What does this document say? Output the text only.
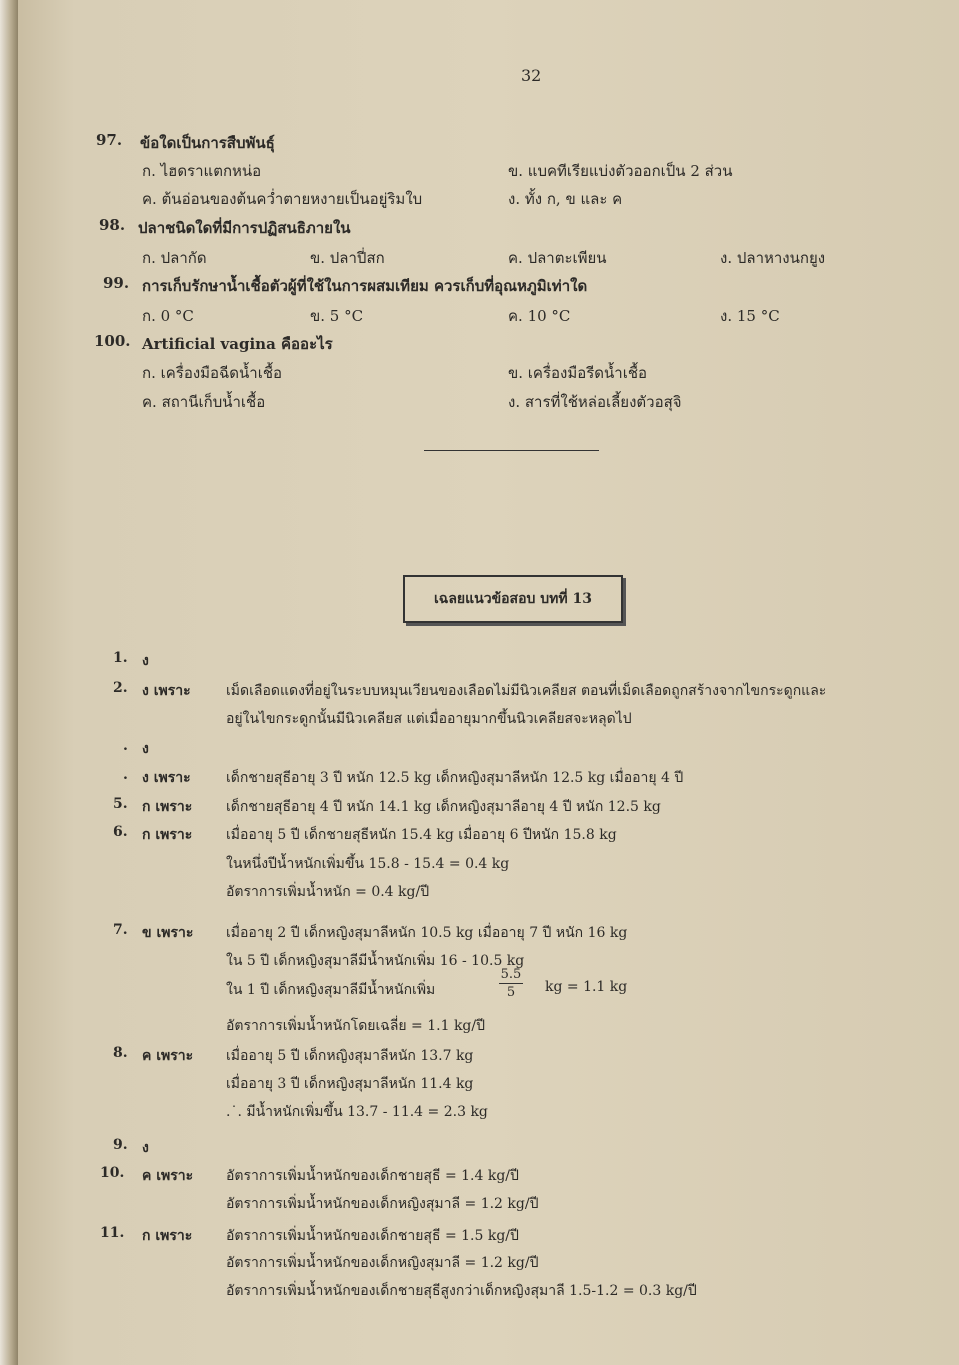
32
97. ข้อใดเป็นการสืบพันธุ์
ก. ไฮดราแตกหน่อ	ข. แบคทีเรียแบ่งตัวออกเป็น 2 ส่วน
ค. ต้นอ่อนของต้นคว่ำตายหงายเป็นอยู่ริมใบ	ง. ทั้ง ก, ข และ ค
98. ปลาชนิดใดที่มีการปฏิสนธิภายใน
ก. ปลากัด	ข. ปลาปี่สก	ค. ปลาตะเพียน	ง. ปลาหางนกยูง
99. การเก็บรักษาน้ำเชื้อตัวผู้ที่ใช้ในการผสมเทียม ควรเก็บที่อุณหภูมิเท่าใด
ก. 0 °C	ข. 5 °C	ค. 10 °C	ง. 15 °C
100. Artificial vagina คืออะไร
ก. เครื่องมือฉีดน้ำเชื้อ	ข. เครื่องมือรีดน้ำเชื้อ
ค. สถานีเก็บน้ำเชื้อ	ง. สารที่ใช้หล่อเลี้ยงตัวอสุจิ
เฉลยแนวข้อสอบ บทที่ 13
1. ง
2. ง เพราะ	เม็ดเลือดแดงที่อยู่ในระบบหมุนเวียนของเลือดไม่มีนิวเคลียส ตอนที่เม็ดเลือดถูกสร้างจากไขกระดูกและ
อยู่ในไขกระดูกนั้นมีนิวเคลียส แต่เมื่ออายุมากขึ้นนิวเคลียสจะหลุดไป
. ง
. ง เพราะ	เด็กชายสุธีอายุ 3 ปี หนัก 12.5 kg เด็กหญิงสุมาลีหนัก 12.5 kg เมื่ออายุ 4 ปี
5. ก เพราะ เด็กชายสุธีอายุ 4 ปี หนัก 14.1 kg เด็กหญิงสุมาลีอายุ 4 ปี หนัก 12.5 kg
6. ก เพราะ เมื่ออายุ 5 ปี เด็กชายสุธีหนัก 15.4 kg เมื่ออายุ 6 ปีหนัก 15.8 kg
ในหนึ่งปีน้ำหนักเพิ่มขึ้น 15.8 - 15.4 = 0.4 kg
อัตราการเพิ่มน้ำหนัก = 0.4 kg/ปี
7. ข เพราะ เมื่ออายุ 2 ปี เด็กหญิงสุมาลีหนัก 10.5 kg เมื่ออายุ 7 ปี หนัก 16 kg
ใน 5 ปี เด็กหญิงสุมาลีมีน้ำหนักเพิ่ม 16 - 10.5 kg
ใน 1 ปี เด็กหญิงสุมาลีมีน้ำหนักเพิ่ม
5.5
5	kg = 1.1 kg
อัตราการเพิ่มน้ำหนักโดยเฉลี่ย = 1.1 kg/ปี
8. ค เพราะ เมื่ออายุ 5 ปี เด็กหญิงสุมาลีหนัก 13.7 kg
เมื่ออายุ 3 ปี เด็กหญิงสุมาลีหนัก 11.4 kg
.˙. มีน้ำหนักเพิ่มขึ้น 13.7 - 11.4 = 2.3 kg
9. ง
10. ค เพราะ อัตราการเพิ่มน้ำหนักของเด็กชายสุธี = 1.4 kg/ปี
อัตราการเพิ่มน้ำหนักของเด็กหญิงสุมาลี = 1.2 kg/ปี
11. ก เพราะ อัตราการเพิ่มน้ำหนักของเด็กชายสุธี = 1.5 kg/ปี
อัตราการเพิ่มน้ำหนักของเด็กหญิงสุมาลี = 1.2 kg/ปี
อัตราการเพิ่มน้ำหนักของเด็กชายสุธีสูงกว่าเด็กหญิงสุมาลี 1.5-1.2 = 0.3 kg/ปี
